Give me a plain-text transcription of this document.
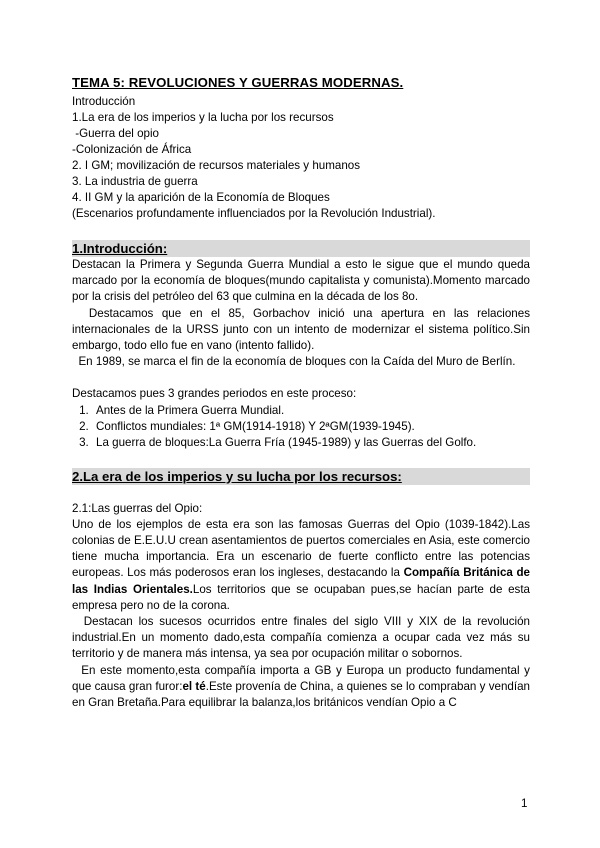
TEMA 5: REVOLUCIONES Y GUERRAS MODERNAS.

Introducción

1.La era de los imperios y la lucha por los recursos

-Guerra del opio

-Colonización de África

2. I GM; movilización de recursos materiales y humanos

3. La industria de guerra

4. II GM y la aparición de la Economía de Bloques

(Escenarios profundamente influenciados por la Revolución Industrial).

1.Introducción:

Destacan la Primera y Segunda Guerra Mundial a esto le sigue que el mundo queda marcado por la economía de bloques(mundo capitalista y comunista).Momento marcado por la crisis del petróleo del 63 que culmina en la década de los 8o.

Destacamos que en el 85, Gorbachov inició una apertura en las relaciones internacionales de la URSS junto con un intento de modernizar el sistema político.Sin embargo, todo ello fue en vano (intento fallido).

En 1989, se marca el fin de la economía de bloques con la Caída del Muro de Berlín.

Destacamos pues 3 grandes periodos en este proceso:

1. Antes de la Primera Guerra Mundial.
2. Conflictos mundiales: 1ª GM(1914-1918) Y 2ªGM(1939-1945).
3. La guerra de bloques:La Guerra Fría (1945-1989) y las Guerras del Golfo.

2.La era de los imperios y su lucha por los recursos:

2.1:Las guerras del Opio:

Uno de los ejemplos de esta era son las famosas Guerras del Opio (1039-1842).Las colonias de E.E.U.U crean asentamientos de puertos comerciales en Asia, este comercio tiene mucha importancia. Era un escenario de fuerte conflicto entre las potencias europeas. Los más poderosos eran los ingleses, destacando la Compañía Británica de las Indias Orientales.Los territorios que se ocupaban pues,se hacían parte de esta empresa pero no de la corona.

Destacan los sucesos ocurridos entre finales del siglo VIII y XIX de la revolución industrial.En un momento dado,esta compañía comienza a ocupar cada vez más su territorio y de manera más intensa, ya sea por ocupación militar o sobornos.

En este momento,esta compañía importa a GB y Europa un producto fundamental y que causa gran furor:el té.Este provenía de China, a quienes se lo compraban y vendían en Gran Bretaña.Para equilibrar la balanza,los británicos vendían Opio a C

1
